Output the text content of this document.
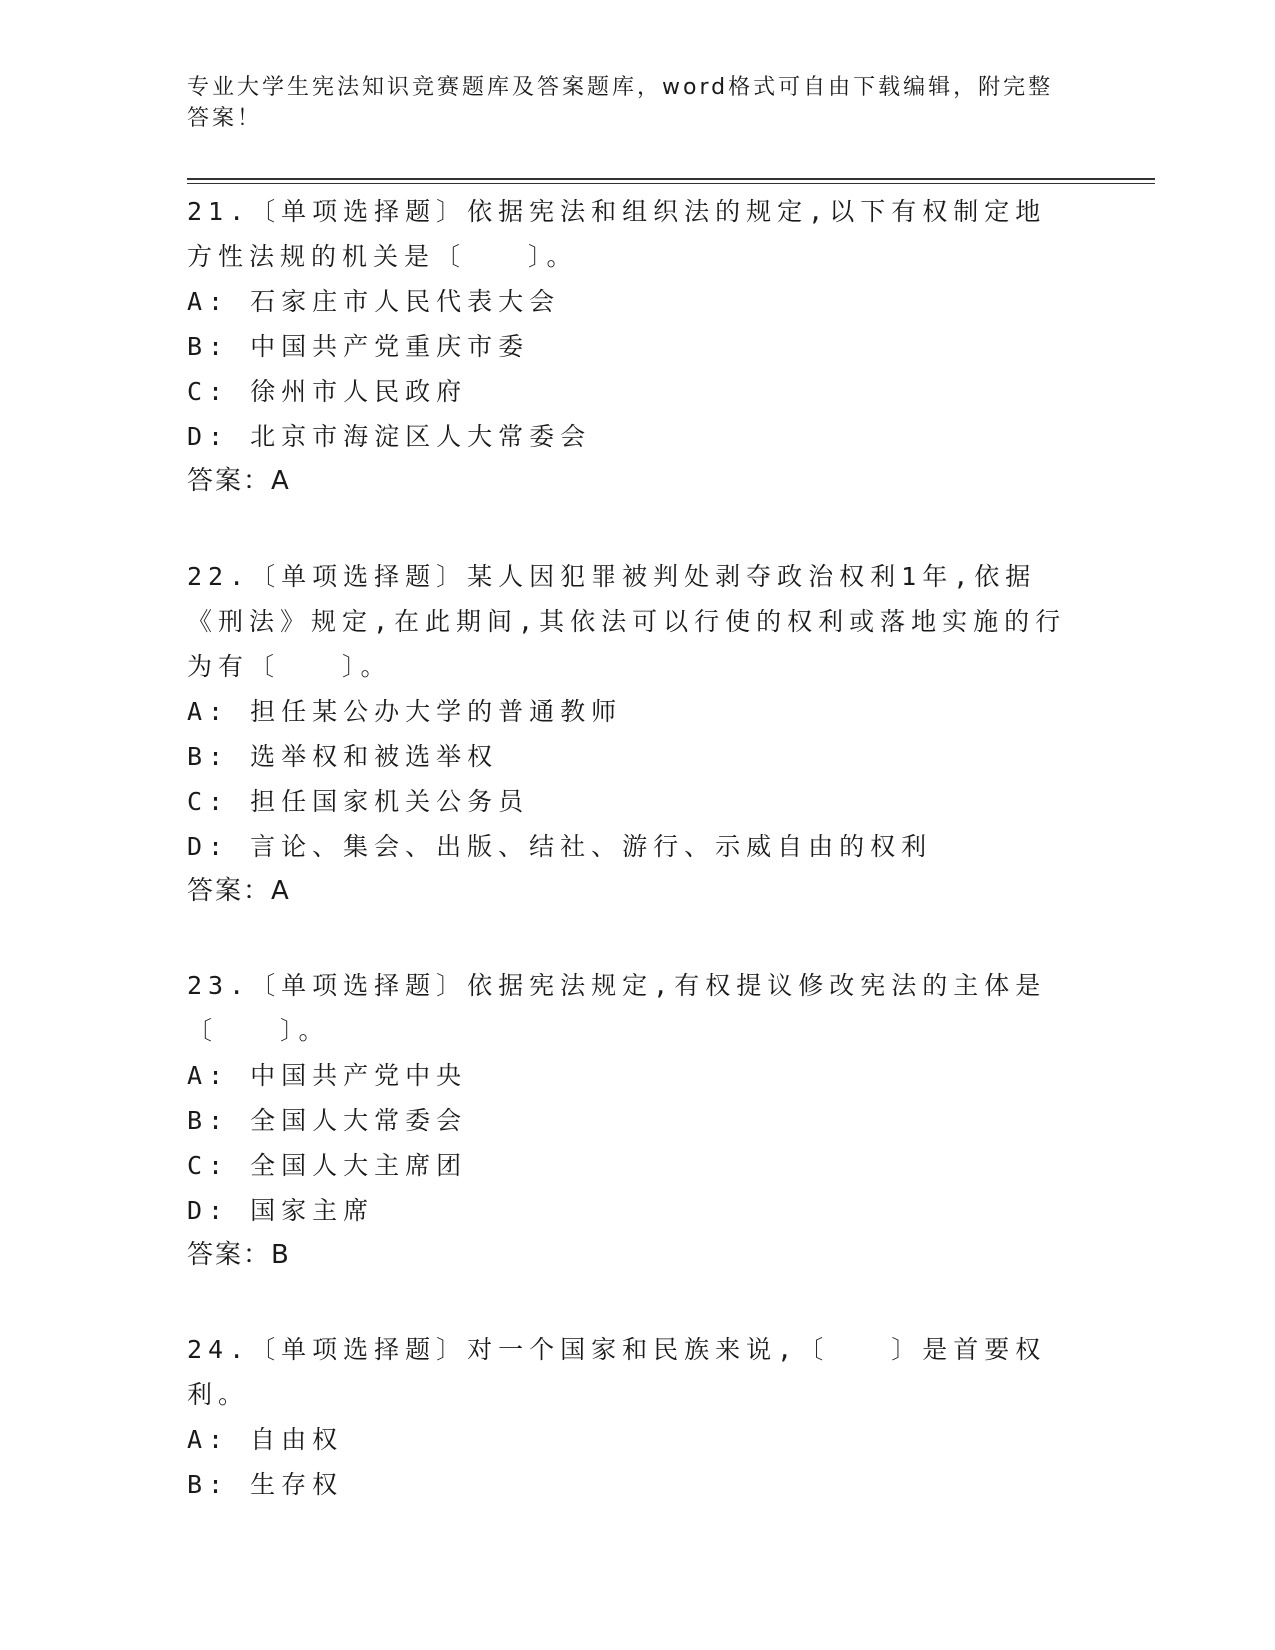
专业大学生宪法知识竞赛题库及答案题库，word格式可自由下载编辑，附完整答案！

21.〔单项选择题〕依据宪法和组织法的规定,以下有权制定地方性法规的机关是〔　　〕。

A: 石家庄市人民代表大会
B: 中国共产党重庆市委
C: 徐州市人民政府
D: 北京市海淀区人大常委会
答案：A

22.〔单项选择题〕某人因犯罪被判处剥夺政治权利1年,依据《刑法》规定,在此期间,其依法可以行使的权利或落地实施的行为有〔　　〕。

A: 担任某公办大学的普通教师
B: 选举权和被选举权
C: 担任国家机关公务员
D: 言论、集会、出版、结社、游行、示威自由的权利
答案：A

23.〔单项选择题〕依据宪法规定,有权提议修改宪法的主体是〔　　〕。

A: 中国共产党中央
B: 全国人大常委会
C: 全国人大主席团
D: 国家主席
答案：B

24.〔单项选择题〕对一个国家和民族来说,〔　　〕是首要权利。

A: 自由权
B: 生存权
